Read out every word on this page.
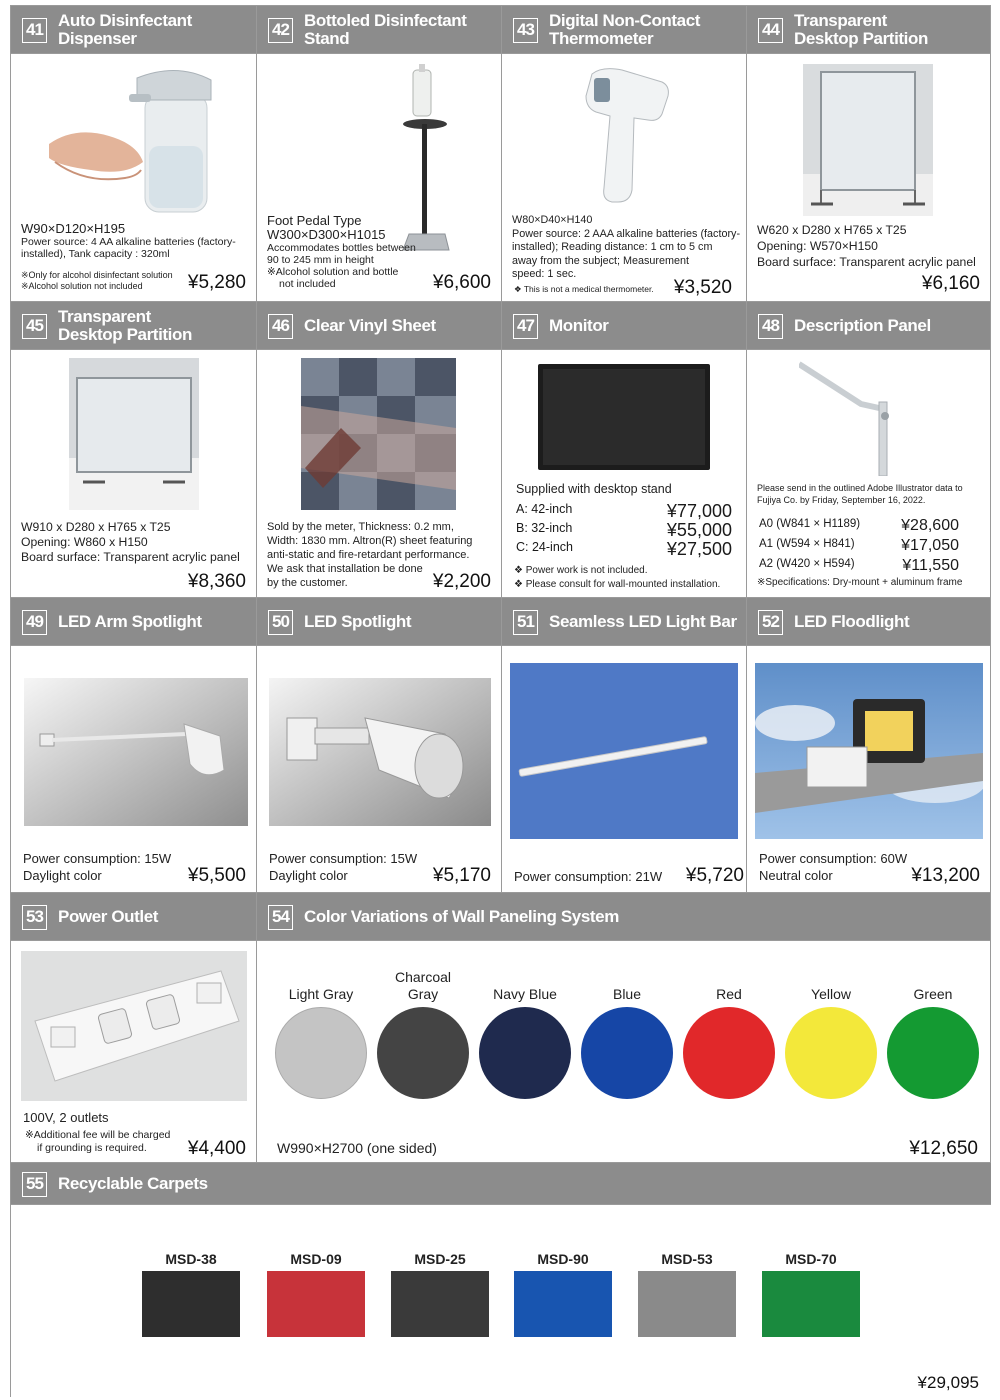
41 Auto Disinfectant Dispenser
W90×D120×H195
Power source: 4 AA alkaline batteries (factory-
installed), Tank capacity : 320ml
※Only for alcohol disinfectant solution
※Alcohol solution not included	¥5,280
42 Bottoled Disinfectant Stand
Foot Pedal Type
W300×D300×H1015
Accommodates bottles between
90 to 245 mm in height
※Alcohol solution and bottle
not included	¥6,600
43 Digital Non-Contact
Thermometer
W80×D40×H140
Power source: 2 AAA alkaline batteries (factory-
installed); Reading distance: 1 cm to 5 cm
away from the subject; Measurement
speed: 1 sec.
❖ This is not a medical thermometer. ¥3,520
44 Transparent
Desktop Partition
W620 x D280 x H765 x T25
Opening: W570×H150
Board surface: Transparent acrylic panel
¥6,160
45 Transparent
Desktop Partition
W910 x D280 x H765 x T25
Opening: W860 x H150
Board surface: Transparent acrylic panel
¥8,360
46 Clear Vinyl Sheet
Sold by the meter, Thickness: 0.2 mm,
Width: 1830 mm. Altron(R) sheet featuring
anti-static and fire-retardant performance.
We ask that installation be done
by the customer.	¥2,200
47 Monitor
Supplied with desktop stand
A: 42-inch	¥77,000
B: 32-inch	¥55,000
C: 24-inch	¥27,500
❖ Power work is not included.
❖ Please consult for wall-mounted installation.
48 Description Panel
Please send in the outlined Adobe Illustrator data to
Fujiya Co. by Friday, September 16, 2022.
A0 (W841 × H1189)	¥28,600
A1 (W594 × H841)	¥17,050
A2 (W420 × H594)	¥11,550
※Specifications: Dry-mount + aluminum frame
49 LED Arm Spotlight
Power consumption: 15W
Daylight color	¥5,500
50 LED Spotlight
Power consumption: 15W
Daylight color	¥5,170
51 Seamless LED Light Bar
Power consumption: 21W ¥5,720
52 LED Floodlight
Power consumption: 60W
Neutral color	¥13,200
53 Power Outlet
100V, 2 outlets
※Additional fee will be charged
if grounding is required.	¥4,400
54 Color Variations of Wall Paneling System
Light Gray
Charcoal
Gray	Navy Blue	Blue	Red	Yellow	Green
W990×H2700 (one sided)	¥12,650
55 Recyclable Carpets
MSD-38	MSD-09	MSD-25	MSD-90	MSD-53	MSD-70
¥29,095
